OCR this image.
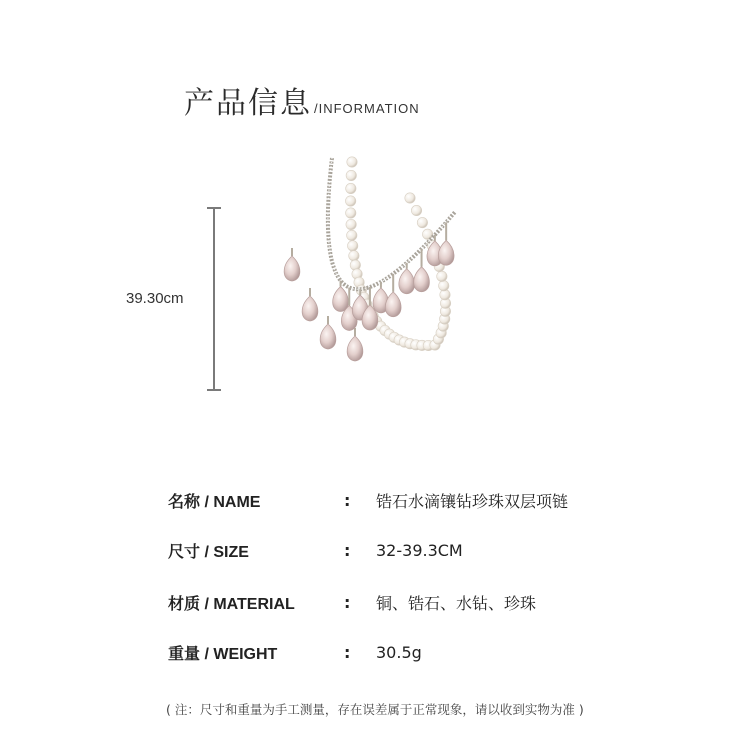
产品信息 /INFORMATION
39.30cm
名称 / NAME	:	锆石水滴镶钻珍珠双层项链
尺寸 / SIZE	:	32-39.3CM
材质 / MATERIAL	:	铜、锆石、水钻、珍珠
重量 / WEIGHT	:	30.5g
( 注：尺寸和重量为手工测量，存在误差属于正常现象，请以收到实物为准 )
